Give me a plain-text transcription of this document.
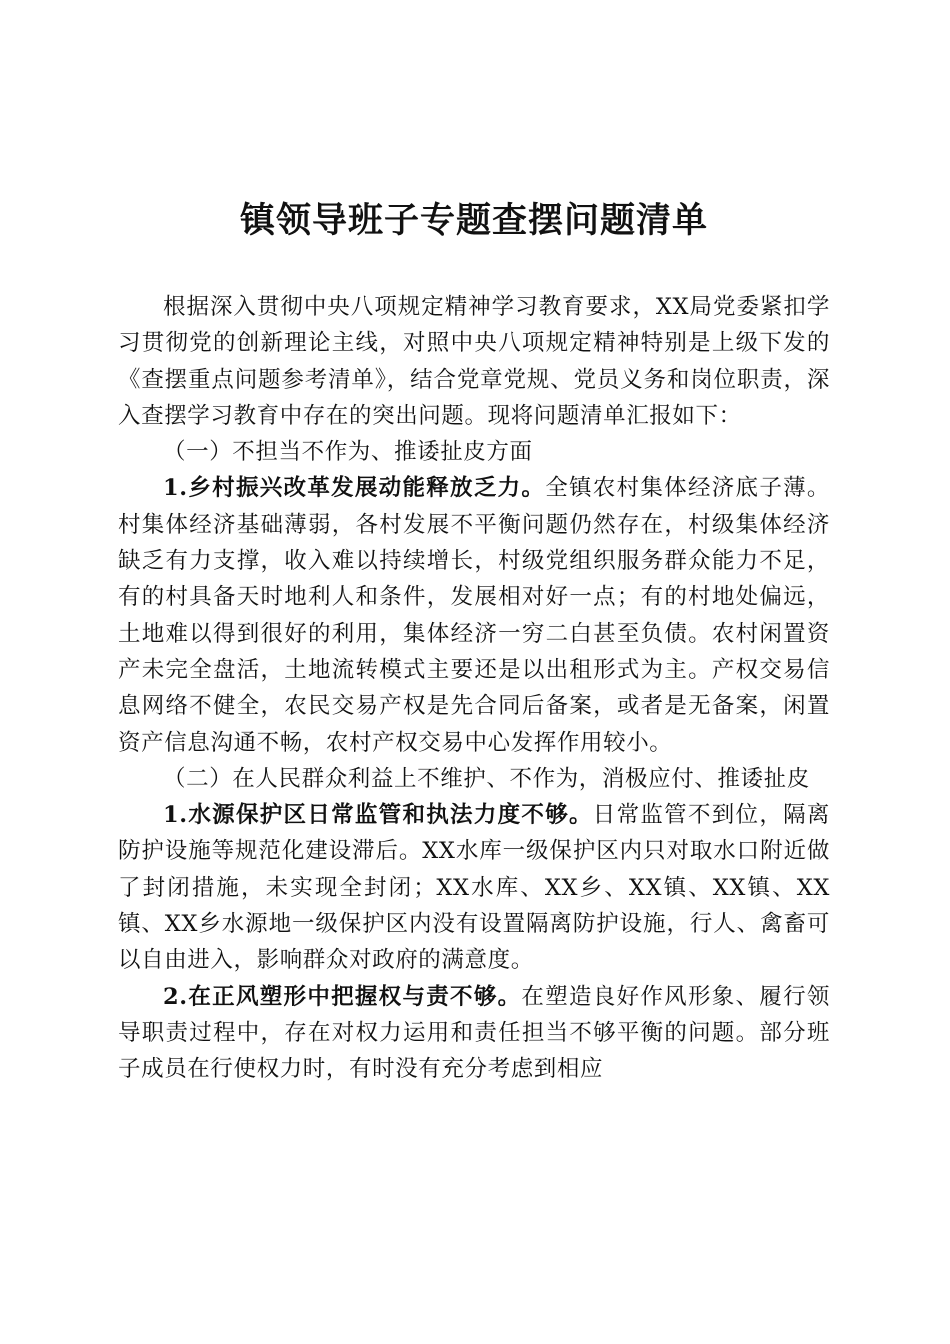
镇领导班子专题查摆问题清单

根据深入贯彻中央八项规定精神学习教育要求，XX局党委紧扣学习贯彻党的创新理论主线，对照中央八项规定精神特别是上级下发的《查摆重点问题参考清单》，结合党章党规、党员义务和岗位职责，深入查摆学习教育中存在的突出问题。现将问题清单汇报如下：

（一）不担当不作为、推诿扯皮方面

1.乡村振兴改革发展动能释放乏力。全镇农村集体经济底子薄。村集体经济基础薄弱，各村发展不平衡问题仍然存在，村级集体经济缺乏有力支撑，收入难以持续增长，村级党组织服务群众能力不足，有的村具备天时地利人和条件，发展相对好一点；有的村地处偏远，土地难以得到很好的利用，集体经济一穷二白甚至负债。农村闲置资产未完全盘活，土地流转模式主要还是以出租形式为主。产权交易信息网络不健全，农民交易产权是先合同后备案，或者是无备案，闲置资产信息沟通不畅，农村产权交易中心发挥作用较小。

（二）在人民群众利益上不维护、不作为，消极应付、推诿扯皮

1.水源保护区日常监管和执法力度不够。日常监管不到位，隔离防护设施等规范化建设滞后。XX水库一级保护区内只对取水口附近做了封闭措施，未实现全封闭；XX水库、XX乡、XX镇、XX镇、XX镇、XX乡水源地一级保护区内没有设置隔离防护设施，行人、禽畜可以自由进入，影响群众对政府的满意度。

2.在正风塑形中把握权与责不够。在塑造良好作风形象、履行领导职责过程中，存在对权力运用和责任担当不够平衡的问题。部分班子成员在行使权力时，有时没有充分考虑到相应
